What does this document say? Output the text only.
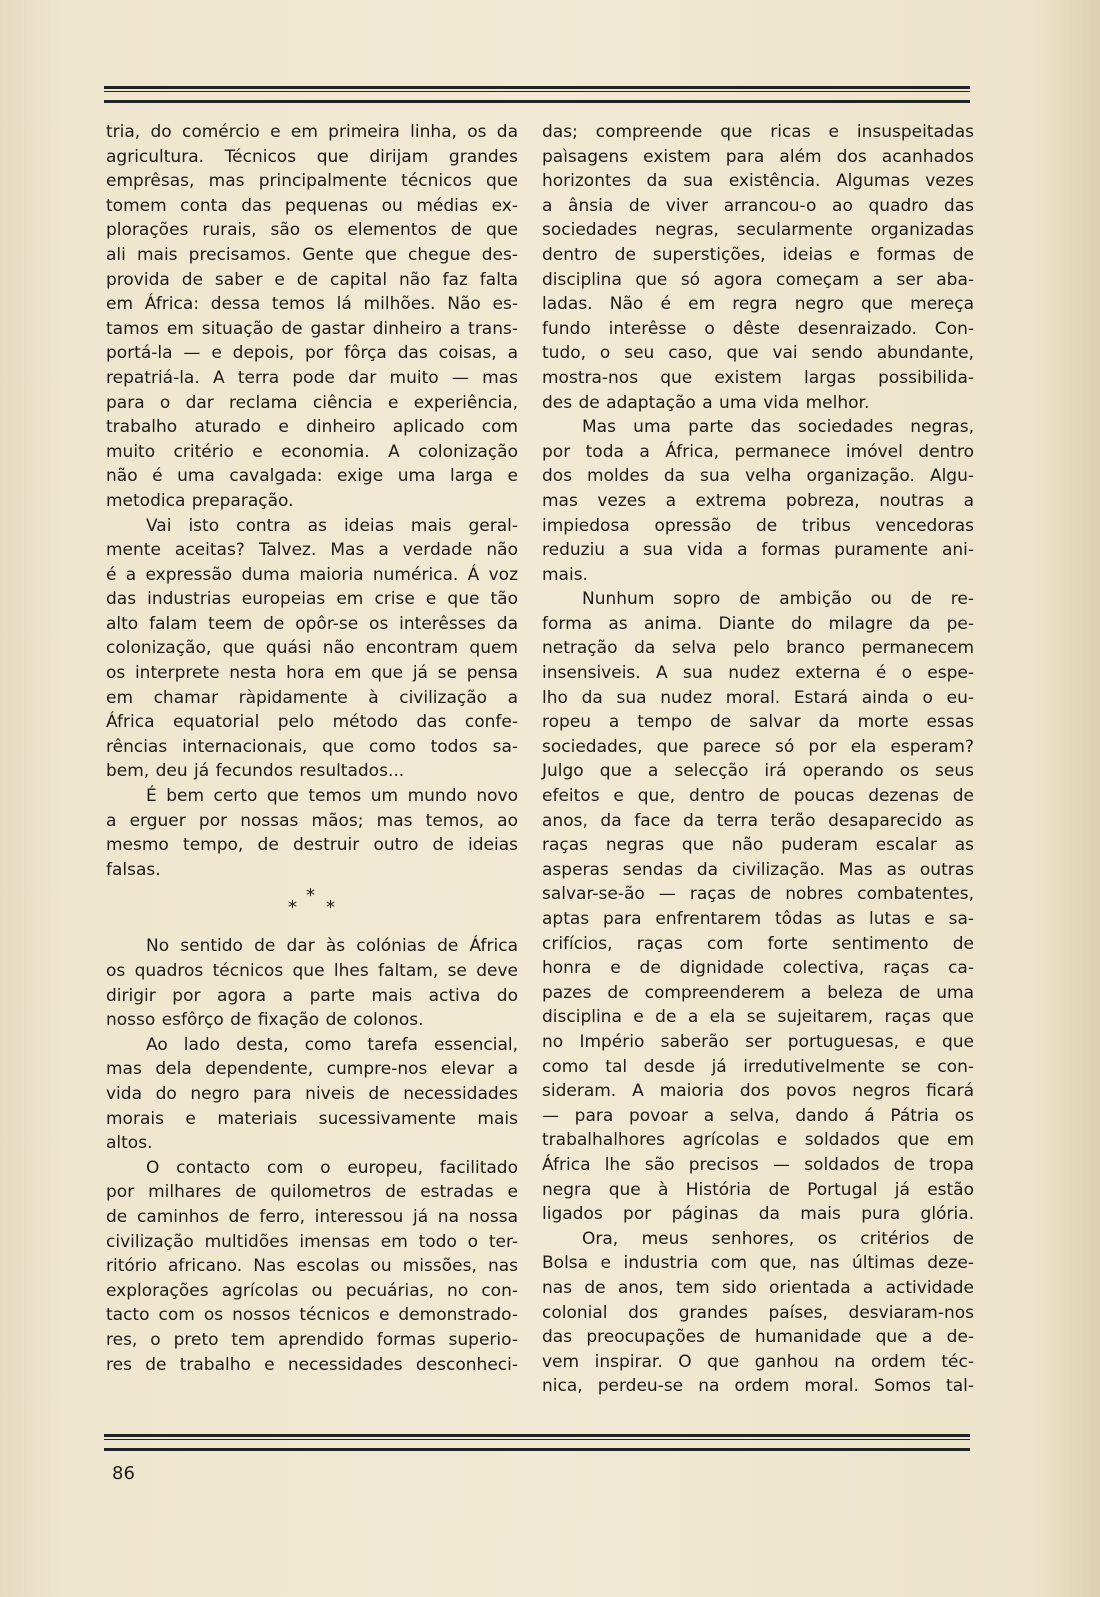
tria, do comércio e em primeira linha, os da
agricultura. Técnicos que dirijam grandes
emprêsas, mas principalmente técnicos que
tomem conta das pequenas ou médias ex-
plorações rurais, são os elementos de que
ali mais precisamos. Gente que chegue des-
provida de saber e de capital não faz falta
em África: dessa temos lá milhões. Não es-
tamos em situação de gastar dinheiro a trans-
portá-la — e depois, por fôrça das coisas, a
repatriá-la. A terra pode dar muito — mas
para o dar reclama ciência e experiência,
trabalho aturado e dinheiro aplicado com
muito critério e economia. A colonização
não é uma cavalgada: exige uma larga e
metodica preparação.
Vai isto contra as ideias mais geral-
mente aceitas? Talvez. Mas a verdade não
é a expressão duma maioria numérica. Á voz
das industrias europeias em crise e que tão
alto falam teem de opôr-se os interêsses da
colonização, que quási não encontram quem
os interprete nesta hora em que já se pensa
em chamar ràpidamente à civilização a
África equatorial pelo método das confe-
rências internacionais, que como todos sa-
bem, deu já fecundos resultados...
É bem certo que temos um mundo novo
a erguer por nossas mãos; mas temos, ao
mesmo tempo, de destruir outro de ideias
falsas.
*
* *
No sentido de dar às colónias de África
os quadros técnicos que lhes faltam, se deve
dirigir por agora a parte mais activa do
nosso esfôrço de fixação de colonos.
Ao lado desta, como tarefa essencial,
mas dela dependente, cumpre-nos elevar a
vida do negro para niveis de necessidades
morais e materiais sucessivamente mais
altos.
O contacto com o europeu, facilitado
por milhares de quilometros de estradas e
de caminhos de ferro, interessou já na nossa
civilização multidões imensas em todo o ter-
ritório africano. Nas escolas ou missões, nas
explorações agrícolas ou pecuárias, no con-
tacto com os nossos técnicos e demonstrado-
res, o preto tem aprendido formas superio-
res de trabalho e necessidades desconheci-
das; compreende que ricas e insuspeitadas
paìsagens existem para além dos acanhados
horizontes da sua existência. Algumas vezes
a ânsia de viver arrancou-o ao quadro das
sociedades negras, secularmente organizadas
dentro de superstições, ideias e formas de
disciplina que só agora começam a ser aba-
ladas. Não é em regra negro que mereça
fundo interêsse o dêste desenraizado. Con-
tudo, o seu caso, que vai sendo abundante,
mostra-nos que existem largas possibilida-
des de adaptação a uma vida melhor.
Mas uma parte das sociedades negras,
por toda a África, permanece imóvel dentro
dos moldes da sua velha organização. Algu-
mas vezes a extrema pobreza, noutras a
impiedosa opressão de tribus vencedoras
reduziu a sua vida a formas puramente ani-
mais.
Nunhum sopro de ambição ou de re-
forma as anima. Diante do milagre da pe-
netração da selva pelo branco permanecem
insensiveis. A sua nudez externa é o espe-
lho da sua nudez moral. Estará ainda o eu-
ropeu a tempo de salvar da morte essas
sociedades, que parece só por ela esperam?
Julgo que a selecção irá operando os seus
efeitos e que, dentro de poucas dezenas de
anos, da face da terra terão desaparecido as
raças negras que não puderam escalar as
asperas sendas da civilização. Mas as outras
salvar-se-ão — raças de nobres combatentes,
aptas para enfrentarem tôdas as lutas e sa-
crifícios, raças com forte sentimento de
honra e de dignidade colectiva, raças ca-
pazes de compreenderem a beleza de uma
disciplina e de a ela se sujeitarem, raças que
no Império saberão ser portuguesas, e que
como tal desde já irredutivelmente se con-
sideram. A maioria dos povos negros ficará
— para povoar a selva, dando á Pátria os
trabalhalhores agrícolas e soldados que em
África lhe são precisos — soldados de tropa
negra que à História de Portugal já estão
ligados por páginas da mais pura glória.
Ora, meus senhores, os critérios de
Bolsa e industria com que, nas últimas deze-
nas de anos, tem sido orientada a actividade
colonial dos grandes países, desviaram-nos
das preocupações de humanidade que a de-
vem inspirar. O que ganhou na ordem téc-
nica, perdeu-se na ordem moral. Somos tal-
86
